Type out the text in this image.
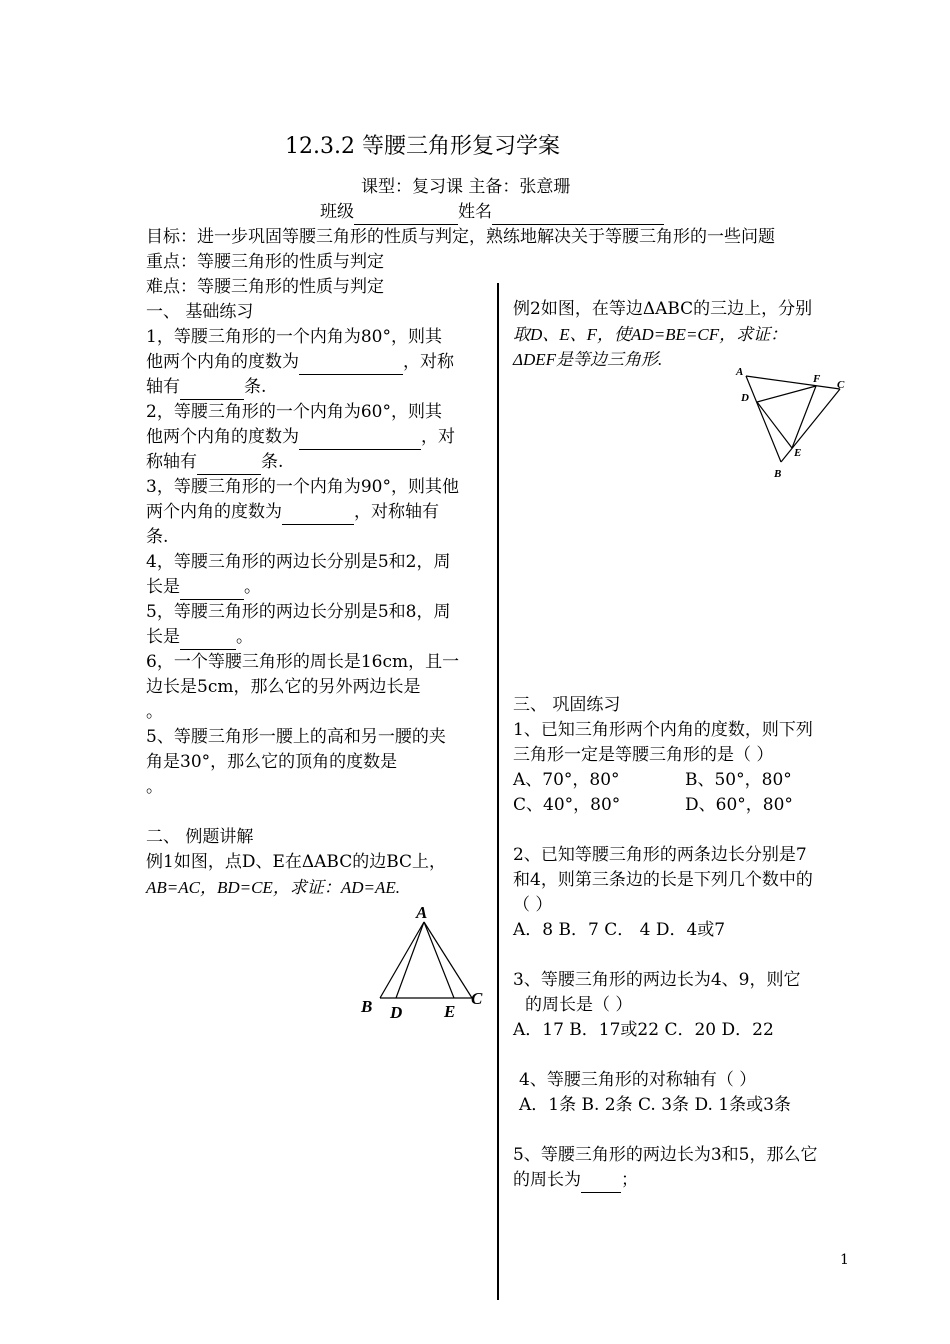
12.3.2 等腰三角形复习学案
课型：复习课 主备：张意珊
班级	姓名
目标：进一步巩固等腰三角形的性质与判定，熟练地解决关于等腰三角形的一些问题
重点：等腰三角形的性质与判定
难点：等腰三角形的性质与判定

一、 基础练习

1，等腰三角形的一个内角为80°，则其
他两个内角的度数为	，对称
轴有	条.

2，等腰三角形的一个内角为60°，则其
他两个内角的度数为	，对
称轴有	条.

3，等腰三角形的一个内角为90°，则其他
两个内角的度数为	，对称轴有
条.

4，等腰三角形的两边长分别是5和2，周
长是	。

5，等腰三角形的两边长分别是5和8，周
长是	。

6，一个等腰三角形的周长是16cm，且一
边长是5cm，那么它的另外两边长是
。

5、等腰三角形一腰上的高和另一腰的夹
角是30°，那么它的顶角的度数是
。

二、 例题讲解

例1如图，点D、E在ΔABC的边BC上，
AB=AC，BD=CE，求证：AD=AE.

A
B	C
D E

例2如图，在等边ΔABC的三边上，分别

取D、E、F，使AD=BE=CF，求证：

ΔDEF是等边三角形.

A
B
C
D
E
F

三、 巩固练习

1、已知三角形两个内角的度数，则下列
三角形一定是等腰三角形的是（ ）
A、70°，80°	B、50°，80°
C、40°，80°	D、60°，80°

2、已知等腰三角形的两条边长分别是7
和4，则第三条边的长是下列几个数中的
（ ）
A．8 B．7 C． 4 D．4或7

3、等腰三角形的两边长为4、9，则它
的周长是（ ）
A．17 B．17或22 C．20 D．22

4、等腰三角形的对称轴有（ ）
A．1条 B. 2条 C. 3条 D. 1条或3条

5、等腰三角形的两边长为3和5，那么它
的周长为 ；

1
